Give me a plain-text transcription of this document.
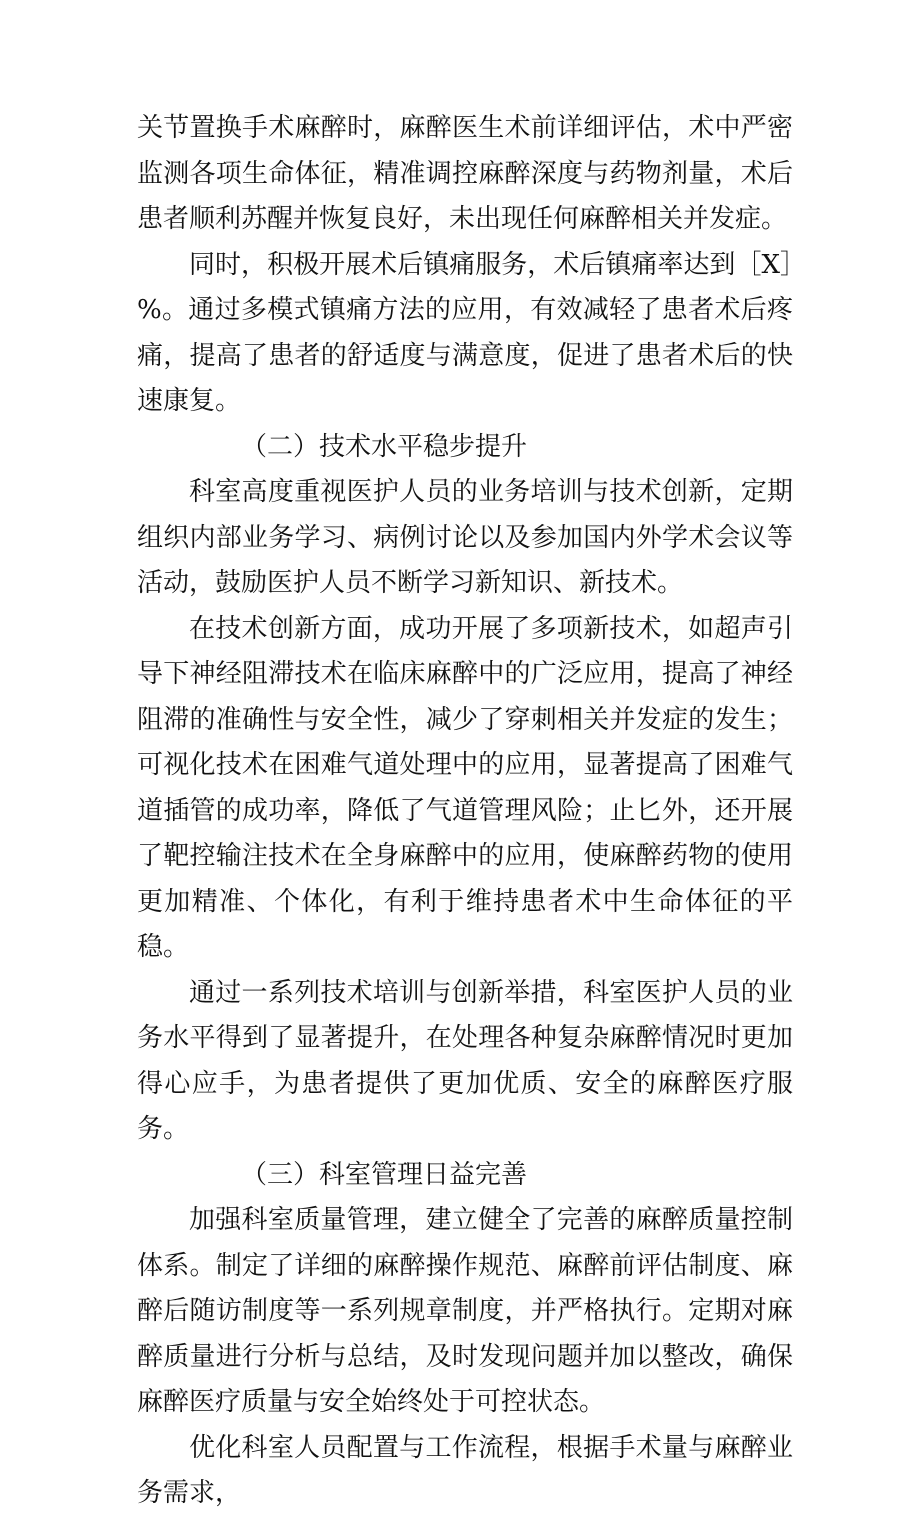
关节置换手术麻醉时，麻醉医生术前详细评估，术中严密监测各项生命体征，精准调控麻醉深度与药物剂量，术后患者顺利苏醒并恢复良好，未出现任何麻醉相关并发症。

同时，积极开展术后镇痛服务，术后镇痛率达到［X］%。通过多模式镇痛方法的应用，有效减轻了患者术后疼痛，提高了患者的舒适度与满意度，促进了患者术后的快速康复。

（二）技术水平稳步提升

科室高度重视医护人员的业务培训与技术创新，定期组织内部业务学习、病例讨论以及参加国内外学术会议等活动，鼓励医护人员不断学习新知识、新技术。

在技术创新方面，成功开展了多项新技术，如超声引导下神经阻滞技术在临床麻醉中的广泛应用，提高了神经阻滞的准确性与安全性，减少了穿刺相关并发症的发生；可视化技术在困难气道处理中的应用，显著提高了困难气道插管的成功率，降低了气道管理风险；止匕外，还开展了靶控输注技术在全身麻醉中的应用，使麻醉药物的使用更加精准、个体化，有利于维持患者术中生命体征的平稳。

通过一系列技术培训与创新举措，科室医护人员的业务水平得到了显著提升，在处理各种复杂麻醉情况时更加得心应手，为患者提供了更加优质、安全的麻醉医疗服务。

（三）科室管理日益完善

加强科室质量管理，建立健全了完善的麻醉质量控制体系。制定了详细的麻醉操作规范、麻醉前评估制度、麻醉后随访制度等一系列规章制度，并严格执行。定期对麻醉质量进行分析与总结，及时发现问题并加以整改，确保麻醉医疗质量与安全始终处于可控状态。

优化科室人员配置与工作流程，根据手术量与麻醉业务需求，
